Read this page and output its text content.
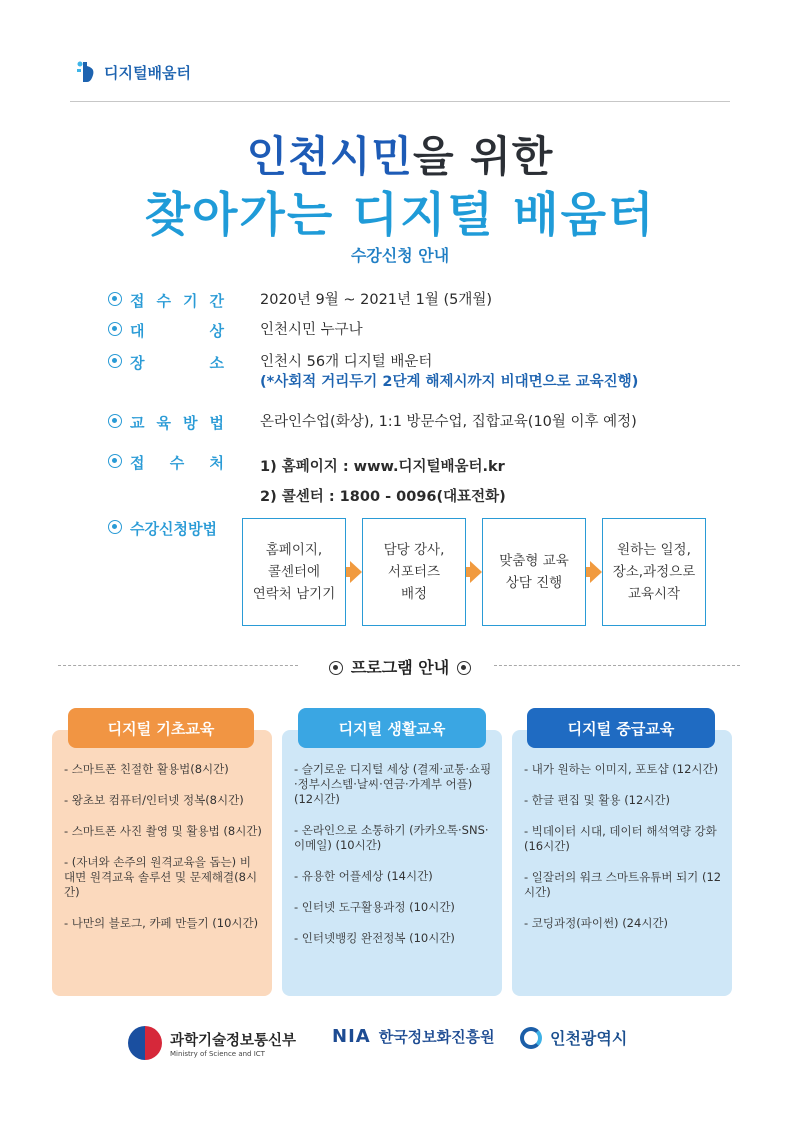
디지털배움터
인천시민을 위한
찾아가는 디지털 배움터
수강신청 안내
접 수 기 간 2020년 9월 ~ 2021년 1월 (5개월)
대	상 인천시민 누구나
장	소 인천시 56개 디지털 배운터
(*사회적 거리두기 2단계 해제시까지 비대면으로 교육진행)
교 육 방 법 온라인수업(화상), 1:1 방문수업, 집합교육(10월 이후 예정)
접 수 처 1) 홈페이지 : www.디지털배움터.kr
2) 콜센터 : 1800 - 0096(대표전화)
수강신청방법
홈페이지,
콜센터에
연락처 남기기
담당 강사,
서포터즈
배정
맞춤형 교육
상담 진행
원하는 일정,
장소,과정으로
교육시작
프로그램 안내
- 스마트폰 친절한 활용법(8시간)
- 왕초보 컴퓨터/인터넷 정복(8시간)
- 스마트폰 사진 촬영 및 활용법 (8시간)
- (자녀와 손주의 원격교육을 돕는) 비대면 원격교육 솔루션 및 문제해결(8시간)
- 나만의 블로그, 카페 만들기 (10시간)
디지털 기초교육
- 슬기로운 디지털 세상 (결제·교통·쇼핑·정부시스템·날씨·연금·가계부 어플) (12시간)
- 온라인으로 소통하기 (카카오톡·SNS·이메일) (10시간)
- 유용한 어플세상 (14시간)
- 인터넷 도구활용과정 (10시간)
- 인터넷뱅킹 완전정복 (10시간)
디지털 생활교육
- 내가 원하는 이미지, 포토샵 (12시간)
- 한글 편집 및 활용 (12시간)
- 빅데이터 시대, 데이터 해석역량 강화(16시간)
- 일잘러의 워크 스마트유튜버 되기 (12시간)
- 코딩과정(파이썬) (24시간)
디지털 중급교육
과학기술정보통신부
Ministry of Science and ICT
NIA 한국정보화진흥원	인천광역시
